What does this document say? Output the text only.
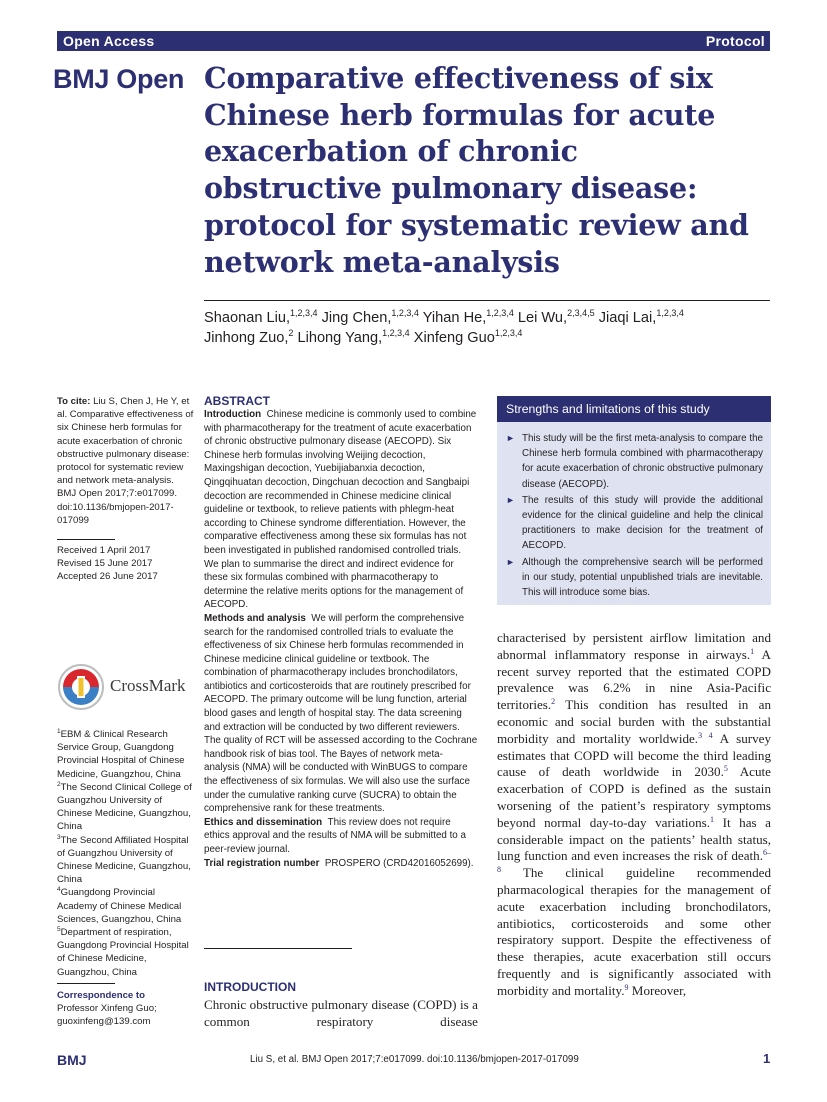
Open Access	Protocol
BMJ Open Comparative effectiveness of six Chinese herb formulas for acute exacerbation of chronic obstructive pulmonary disease: protocol for systematic review and network meta-analysis
Shaonan Liu,$^{1,2,3,4}$ Jing Chen,$^{1,2,3,4}$ Yihan He,$^{1,2,3,4}$ Lei Wu,$^{2,3,4,5}$ Jiaqi Lai,$^{1,2,3,4}$
Jinhong Zuo,$^2$ Lihong Yang,$^{1,2,3,4}$ Xinfeng Guo$^{1,2,3,4}$
To cite: Liu S, Chen J, He Y, et al. Comparative effectiveness of six Chinese herb formulas for acute exacerbation of chronic obstructive pulmonary disease: protocol for systematic review and network meta-analysis. BMJ Open 2017;7:e017099. doi:10.1136/bmjopen-2017-017099
Received 1 April 2017
Revised 15 June 2017
Accepted 26 June 2017
CrossMark
$^1$EBM & Clinical Research Service Group, Guangdong Provincial Hospital of Chinese Medicine, Guangzhou, China
$^2$The Second Clinical College of Guangzhou University of Chinese Medicine, Guangzhou, China
$^3$The Second Affiliated Hospital of Guangzhou University of Chinese Medicine, Guangzhou, China
$^4$Guangdong Provincial Academy of Chinese Medical Sciences, Guangzhou, China
$^5$Department of respiration, Guangdong Provincial Hospital of Chinese Medicine, Guangzhou, China
Correspondence to
Professor Xinfeng Guo;
guoxinfeng@139.com
ABSTRACT

Introduction Chinese medicine is commonly used to combine with pharmacotherapy for the treatment of acute exacerbation of chronic obstructive pulmonary disease (AECOPD). Six Chinese herb formulas involving Weijing decoction, Maxingshigan decoction, Yuebijiabanxia decoction, Qingqihuatan decoction, Dingchuan decoction and Sangbaipi decoction are recommended in Chinese medicine clinical guideline or textbook, to relieve patients with phlegm-heat according to Chinese syndrome differentiation. However, the comparative effectiveness among these six formulas has not been investigated in published randomised controlled trials. We plan to summarise the direct and indirect evidence for these six formulas combined with pharmacotherapy to determine the relative merits options for the management of AECOPD.

Methods and analysis We will perform the comprehensive search for the randomised controlled trials to evaluate the effectiveness of six Chinese herb formulas recommended in Chinese medicine clinical guideline or textbook. The combination of pharmacotherapy includes bronchodilators, antibiotics and corticosteroids that are routinely prescribed for AECOPD. The primary outcome will be lung function, arterial blood gases and length of hospital stay. The data screening and extraction will be conducted by two different reviewers. The quality of RCT will be assessed according to the Cochrane handbook risk of bias tool. The Bayes of network meta-analysis (NMA) will be conducted with WinBUGS to compare the effectiveness of six formulas. We will also use the surface under the cumulative ranking curve (SUCRA) to obtain the comprehensive rank for these treatments.

Ethics and dissemination This review does not require ethics approval and the results of NMA will be submitted to a peer-review journal.

Trial registration number PROSPERO (CRD42016052699).

Strengths and limitations of this study
► This study will be the first meta-analysis to compare the Chinese herb formula combined with pharmacotherapy for acute exacerbation of chronic obstructive pulmonary disease (AECOPD).
► The results of this study will provide the additional evidence for the clinical guideline and help the clinical practitioners to make decision for the treatment of AECOPD.
► Although the comprehensive search will be performed in our study, potential unpublished trials are inevitable. This will introduce some bias.
INTRODUCTION
Chronic obstructive pulmonary disease (COPD) is a common respiratory disease
characterised by persistent airflow limitation and abnormal inflammatory response in airways.$^1$ A recent survey reported that the estimated COPD prevalence was 6.2% in nine Asia-Pacific territories.$^2$ This condition has resulted in an economic and social burden with the substantial morbidity and mortality worldwide.$^{3 4}$ A survey estimates that COPD will become the third leading cause of death worldwide in 2030.$^5$ Acute exacerbation of COPD is defined as the sustain worsening of the patient’s respiratory symptoms beyond normal day-to-day variations.$^1$ It has a considerable impact on the patients’ health status, lung function and even increases the risk of death.$^{6-8}$ The clinical guideline recommended pharmacological therapies for the management of acute exacerbation including bronchodilators, antibiotics, corticosteroids and some other respiratory support. Despite the effectiveness of these therapies, acute exacerbation still occurs frequently and is significantly associated with morbidity and mortality.$^9$ Moreover,
BMJ	Liu S, et al. BMJ Open 2017;7:e017099. doi:10.1136/bmjopen-2017-017099	1
